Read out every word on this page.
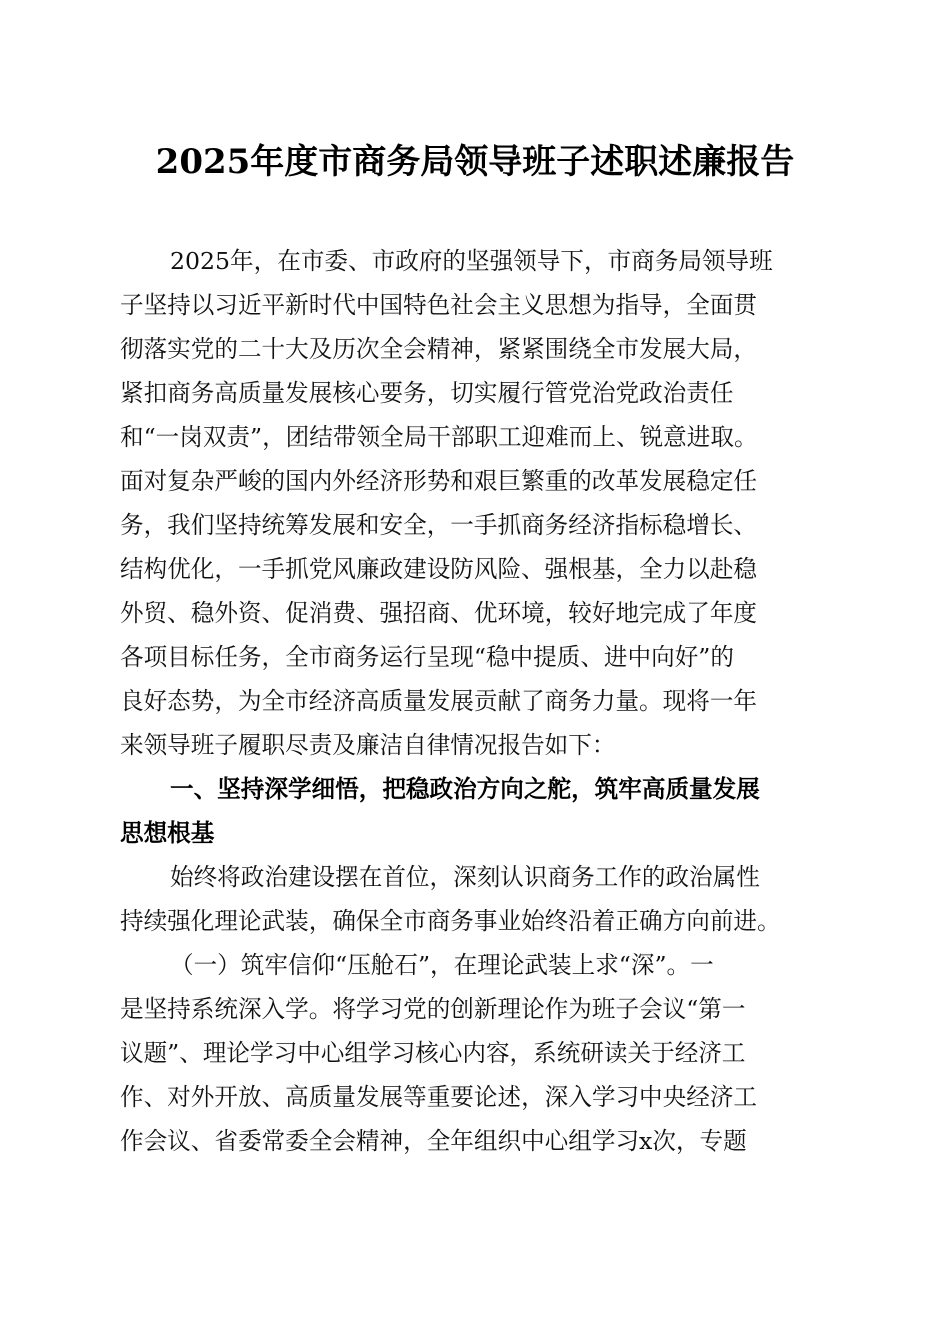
2025年度市商务局领导班子述职述廉报告
2025年，在市委、市政府的坚强领导下，市商务局领导班
子坚持以习近平新时代中国特色社会主义思想为指导，全面贯
彻落实党的二十大及历次全会精神，紧紧围绕全市发展大局，
紧扣商务高质量发展核心要务，切实履行管党治党政治责任
和“一岗双责”，团结带领全局干部职工迎难而上、锐意进取。
面对复杂严峻的国内外经济形势和艰巨繁重的改革发展稳定任
务，我们坚持统筹发展和安全，一手抓商务经济指标稳增长、
结构优化，一手抓党风廉政建设防风险、强根基，全力以赴稳
外贸、稳外资、促消费、强招商、优环境，较好地完成了年度
各项目标任务，全市商务运行呈现“稳中提质、进中向好”的
良好态势，为全市经济高质量发展贡献了商务力量。现将一年
来领导班子履职尽责及廉洁自律情况报告如下：
一、坚持深学细悟，把稳政治方向之舵，筑牢高质量发展
思想根基
始终将政治建设摆在首位，深刻认识商务工作的政治属性
持续强化理论武装，确保全市商务事业始终沿着正确方向前进。
（一）筑牢信仰“压舱石”，在理论武装上求“深”。一
是坚持系统深入学。将学习党的创新理论作为班子会议“第一
议题”、理论学习中心组学习核心内容，系统研读关于经济工
作、对外开放、高质量发展等重要论述，深入学习中央经济工
作会议、省委常委全会精神，全年组织中心组学习x次，专题
